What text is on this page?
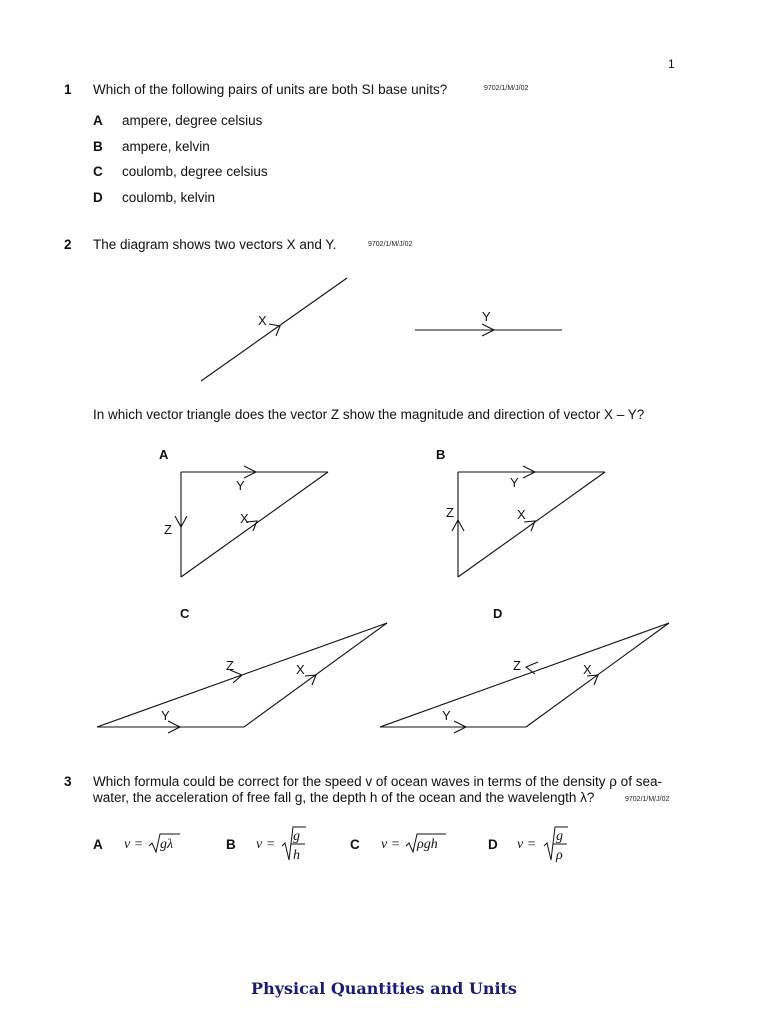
1
1 Which of the following pairs of units are both SI base units?	9702/1/M/J/02
A ampere, degree celsius
B ampere, kelvin
C coulomb, degree celsius
D coulomb, kelvin
2 The diagram shows two vectors X and Y.	9702/1/M/J/02
X	Y
Y
Z
X
Y
Z	X
Y
Z	X
Y
Z	X
gλ
g
h
ρgh
g
ρ
In which vector triangle does the vector Z show the magnitude and direction of vector X – Y?
A	B
C	D
3 Which formula could be correct for the speed v of ocean waves in terms of the density ρ of sea-
water, the acceleration of free fall g, the depth h of the ocean and the wavelength λ?	9702/1/M/J/02
A v =	B v =	C v =	D v =
Physical Quantities and Units
